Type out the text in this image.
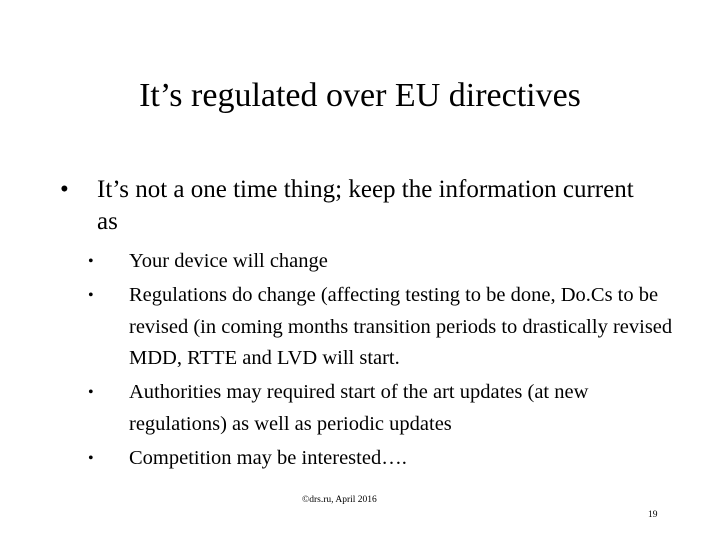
It’s regulated over EU directives
• It’s not a one time thing; keep the information current as
• Your device will change
• Regulations do change (affecting testing to be done, Do.Cs to be revised (in coming months transition periods to drastically revised MDD, RTTE and LVD will start.
• Authorities may required start of the art updates (at new regulations) as well as periodic updates
• Competition may be interested….
©drs.ru, April 2016
19
